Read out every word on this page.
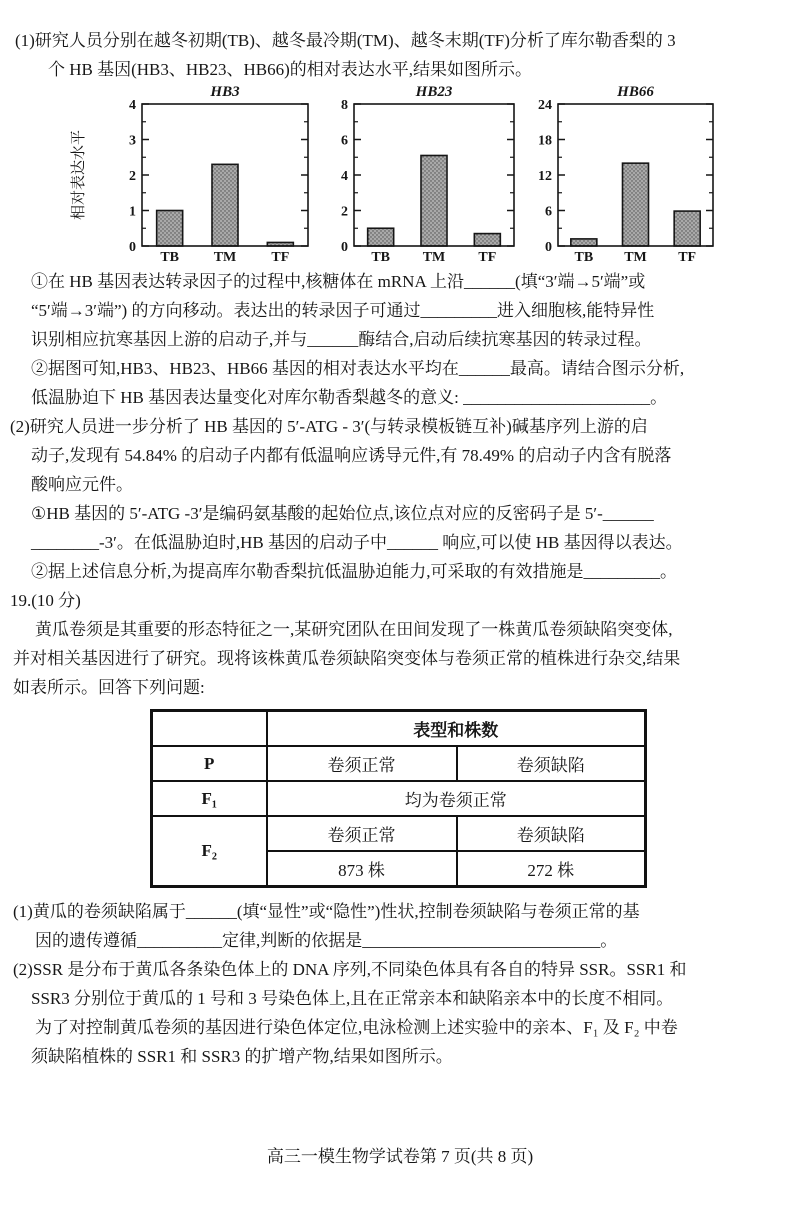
(1)研究人员分别在越冬初期(TB)、越冬最冷期(TM)、越冬末期(TF)分析了库尔勒香梨的 3
个 HB 基因(HB3、HB23、HB66)的相对表达水平,结果如图所示。
0
1
2
3
4
TB TM	TF
HB3
相对表达水平
0
2
4
6
8
TB TM TF
HB23
0
6
12
18
24
TB TM TF
HB66
①在 HB 基因表达转录因子的过程中,核糖体在 mRNA 上沿______(填“3′端→5′端”或
“5′端→3′端”) 的方向移动。表达出的转录因子可通过_________进入细胞核,能特异性
识别相应抗寒基因上游的启动子,并与______酶结合,启动后续抗寒基因的转录过程。
②据图可知,HB3、HB23、HB66 基因的相对表达水平均在______最高。请结合图示分析,
低温胁迫下 HB 基因表达量变化对库尔勒香梨越冬的意义: ______________________。
(2)研究人员进一步分析了 HB 基因的 5′-ATG - 3′(与转录模板链互补)碱基序列上游的启
动子,发现有 54.84% 的启动子内都有低温响应诱导元件,有 78.49% 的启动子内含有脱落
酸响应元件。
①HB 基因的 5′-ATG -3′是编码氨基酸的起始位点,该位点对应的反密码子是 5′-______
________-3′。在低温胁迫时,HB 基因的启动子中______ 响应,可以使 HB 基因得以表达。
②据上述信息分析,为提高库尔勒香梨抗低温胁迫能力,可采取的有效措施是_________。
19.(10 分)
黄瓜卷须是其重要的形态特征之一,某研究团队在田间发现了一株黄瓜卷须缺陷突变体,
并对相关基因进行了研究。现将该株黄瓜卷须缺陷突变体与卷须正常的植株进行杂交,结果
如表所示。回答下列问题:
	表型和株数	
P	卷须正常	卷须缺陷
F₁	均为卷须正常	
F₂	卷须正常	卷须缺陷
	873 株	272 株
(1)黄瓜的卷须缺陷属于______(填“显性”或“隐性”)性状,控制卷须缺陷与卷须正常的基
因的遗传遵循__________定律,判断的依据是____________________________。
(2)SSR 是分布于黄瓜各条染色体上的 DNA 序列,不同染色体具有各自的特异 SSR。SSR1 和
SSR3 分别位于黄瓜的 1 号和 3 号染色体上,且在正常亲本和缺陷亲本中的长度不相同。
为了对控制黄瓜卷须的基因进行染色体定位,电泳检测上述实验中的亲本、F₁ 及 F₂ 中卷
须缺陷植株的 SSR1 和 SSR3 的扩增产物,结果如图所示。
高三一模生物学试卷第 7 页(共 8 页)
